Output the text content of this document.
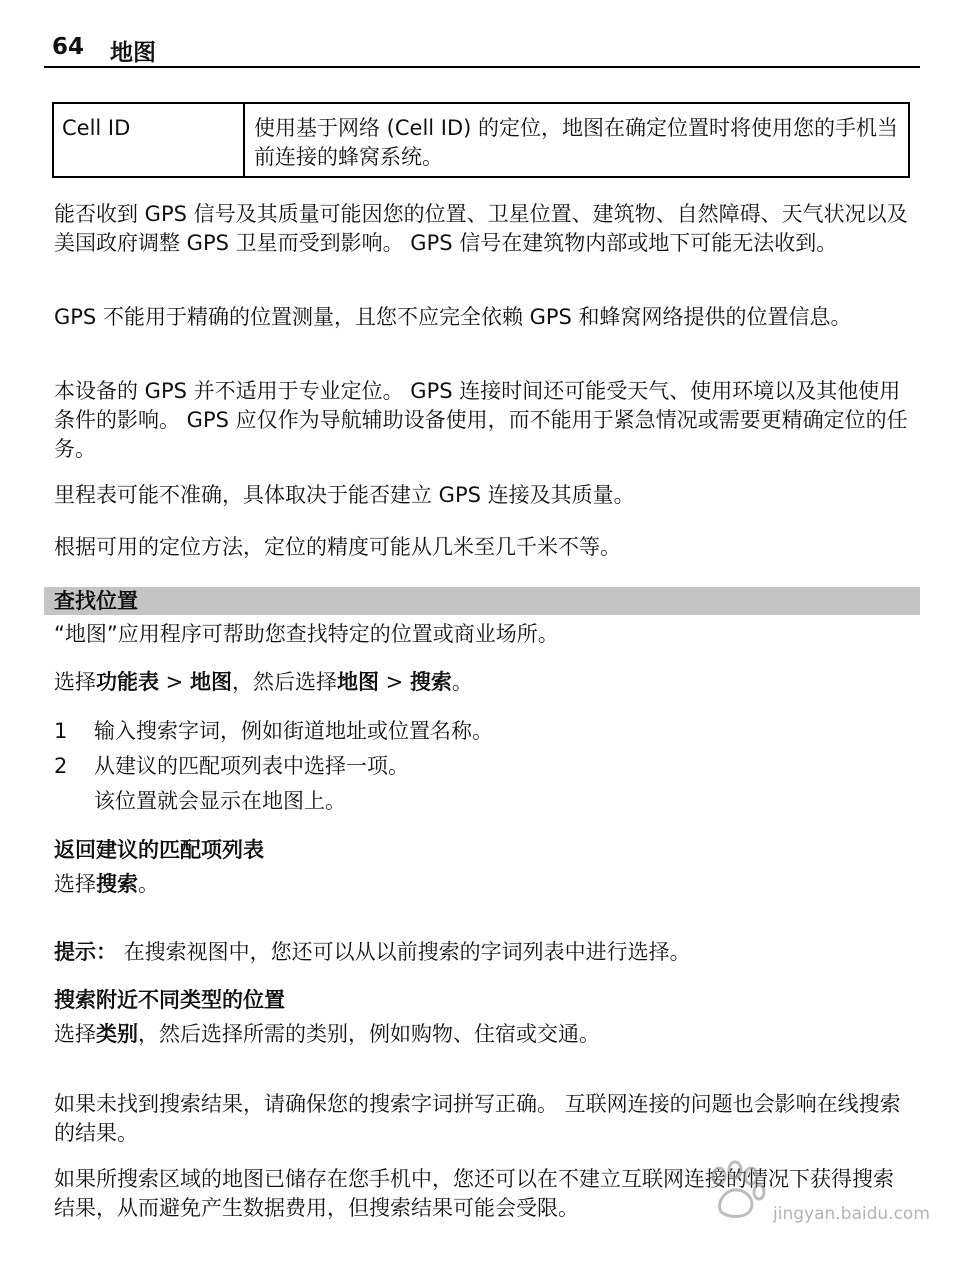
64 地图
Cell ID	使用基于网络 (Cell ID) 的定位，地图在确定位置时将使用您的手机当前连接的蜂窝系统。
能否收到 GPS 信号及其质量可能因您的位置、卫星位置、建筑物、自然障碍、天气状况以及美国政府调整 GPS 卫星而受到影响。 GPS 信号在建筑物内部或地下可能无法收到。
GPS 不能用于精确的位置测量，且您不应完全依赖 GPS 和蜂窝网络提供的位置信息。
本设备的 GPS 并不适用于专业定位。 GPS 连接时间还可能受天气、使用环境以及其他使用条件的影响。 GPS 应仅作为导航辅助设备使用，而不能用于紧急情况或需要更精确定位的任务。
里程表可能不准确，具体取决于能否建立 GPS 连接及其质量。
根据可用的定位方法，定位的精度可能从几米至几千米不等。
查找位置
“地图”应用程序可帮助您查找特定的位置或商业场所。
选择功能表 > 地图，然后选择地图 > 搜索。
1 输入搜索字词，例如街道地址或位置名称。
2 从建议的匹配项列表中选择一项。
该位置就会显示在地图上。
返回建议的匹配项列表
选择搜索。
提示： 在搜索视图中，您还可以从以前搜索的字词列表中进行选择。
搜索附近不同类型的位置
选择类别，然后选择所需的类别，例如购物、住宿或交通。
如果未找到搜索结果，请确保您的搜索字词拼写正确。 互联网连接的问题也会影响在线搜索的结果。
如果所搜索区域的地图已储存在您手机中，您还可以在不建立互联网连接的情况下获得搜索结果，从而避免产生数据费用，但搜索结果可能会受限。	jingyan.baidu.com
